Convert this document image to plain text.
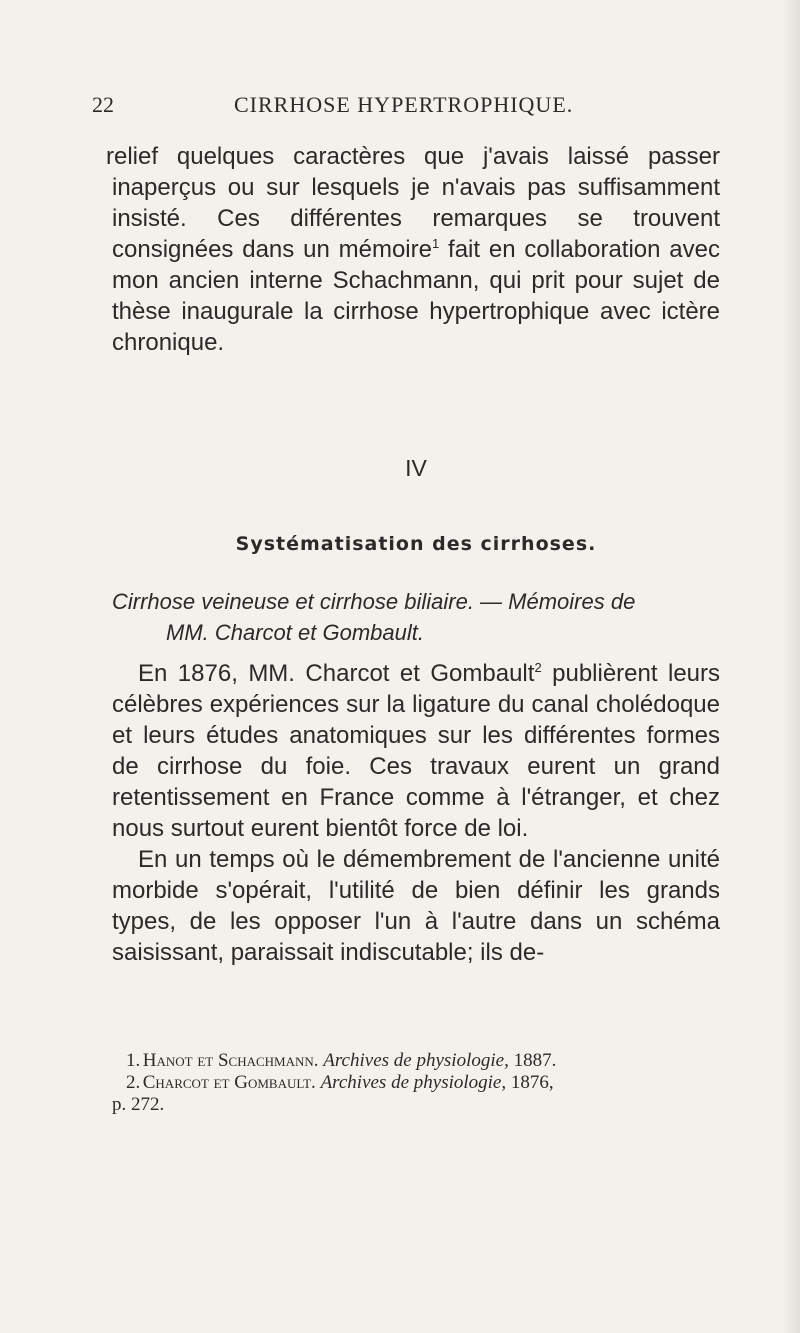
22	CIRRHOSE HYPERTROPHIQUE.

relief quelques caractères que j'avais laissé passer inaperçus ou sur lesquels je n'avais pas suffisamment insisté. Ces différentes remarques se trouvent consignées dans un mémoire$^1$ fait en collaboration avec mon ancien interne Schachmann, qui prit pour sujet de thèse inaugurale la cirrhose hypertrophique avec ictère chronique.

IV
Systématisation des cirrhoses.
Cirrhose veineuse et cirrhose biliaire. — Mémoires de
MM. Charcot et Gombault.

En 1876, MM. Charcot et Gombault$^2$ publièrent leurs célèbres expériences sur la ligature du canal cholédoque et leurs études anatomiques sur les différentes formes de cirrhose du foie. Ces travaux eurent un grand retentissement en France comme à l'étranger, et chez nous surtout eurent bientôt force de loi.

En un temps où le démembrement de l'ancienne unité morbide s'opérait, l'utilité de bien définir les grands types, de les opposer l'un à l'autre dans un schéma saisissant, paraissait indiscutable; ils de-

1. Hanot et Schachmann. Archives de physiologie, 1887.

2. Charcot et Gombault. Archives de physiologie, 1876,
p. 272.
